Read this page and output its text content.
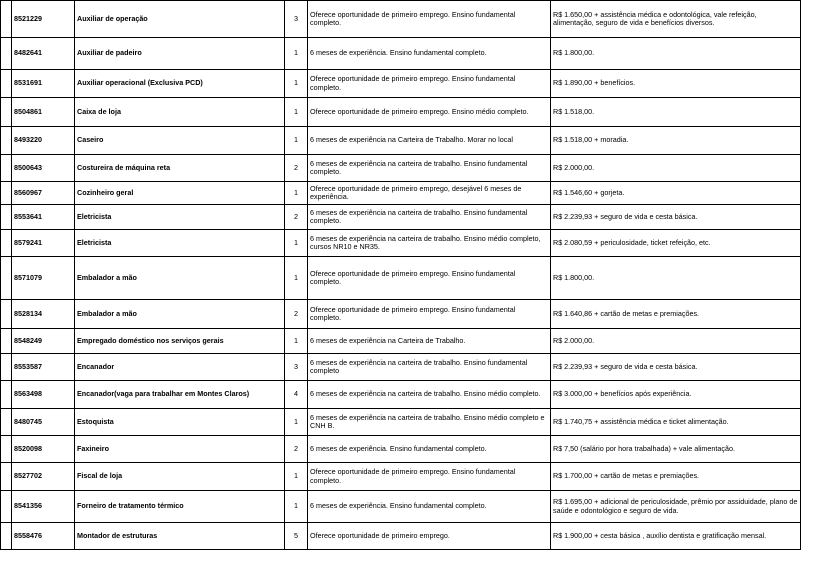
	8521229	Auxiliar de operação	3	Oferece oportunidade de primeiro emprego. Ensino fundamental completo.	R$ 1.650,00 + assistência médica e odontológica, vale refeição, alimentação, seguro de vida e benefícios diversos.
	8482641	Auxiliar de padeiro	1	6 meses de experiência. Ensino fundamental completo.	R$ 1.800,00.
	8531691	Auxiliar operacional (Exclusiva PCD)	1	Oferece oportunidade de primeiro emprego. Ensino fundamental completo.	R$ 1.890,00 + benefícios.
	8504861	Caixa de loja	1	Oferece oportunidade de primeiro emprego. Ensino médio completo.	R$ 1.518,00.
	8493220	Caseiro	1	6 meses de experiência na Carteira de Trabalho. Morar no local	R$ 1.518,00 + moradia.
	8500643	Costureira de máquina reta	2	6 meses de experiência na carteira de trabalho. Ensino fundamental completo.	R$ 2.000,00.
	8560967	Cozinheiro geral	1	Oferece oportunidade de primeiro emprego, desejável 6 meses de experiência.	R$ 1.546,60 + gorjeta.
	8553641	Eletricista	2	6 meses de experiência na carteira de trabalho. Ensino fundamental completo.	R$ 2.239,93 + seguro de vida e cesta básica.
	8579241	Eletricista	1	6 meses de experiência na carteira de trabalho. Ensino médio completo, cursos NR10 e NR35.	R$ 2.080,59 + periculosidade, ticket refeição, etc.
	8571079	Embalador a mão	1	Oferece oportunidade de primeiro emprego. Ensino fundamental completo.	R$ 1.800,00.
	8528134	Embalador a mão	2	Oferece oportunidade de primeiro emprego. Ensino fundamental completo.	R$ 1.640,86 + cartão de metas e premiações.
	8548249	Empregado doméstico nos serviços gerais	1	6 meses de experiência na Carteira de Trabalho.	R$ 2.000,00.
	8553587	Encanador	3	6 meses de experiência na carteira de trabalho. Ensino fundamental completo	R$ 2.239,93 + seguro de vida e cesta básica.
	8563498	Encanador(vaga para trabalhar em Montes Claros)	4	6 meses de experiência na carteira de trabalho. Ensino médio completo.	R$ 3.000,00 + benefícios após experiência.
	8480745	Estoquista	1	6 meses de experiência na carteira de trabalho. Ensino médio completo e CNH B.	R$ 1.740,75 + assistência médica e ticket alimentação.
	8520098	Faxineiro	2	6 meses de experiência. Ensino fundamental completo.	R$ 7,50 (salário por hora trabalhada) + vale alimentação.
	8527702	Fiscal de loja	1	Oferece oportunidade de primeiro emprego. Ensino fundamental completo.	R$ 1.700,00 + cartão de metas e premiações.
	8541356	Forneiro de tratamento térmico	1	6 meses de experiência. Ensino fundamental completo.	R$ 1.695,00 + adicional de periculosidade, prêmio por assiduidade, plano de saúde e odontológico e seguro de vida.
	8558476	Montador de estruturas	5	Oferece oportunidade de primeiro emprego.	R$ 1.900,00 + cesta básica , auxílio dentista e gratificação mensal.
